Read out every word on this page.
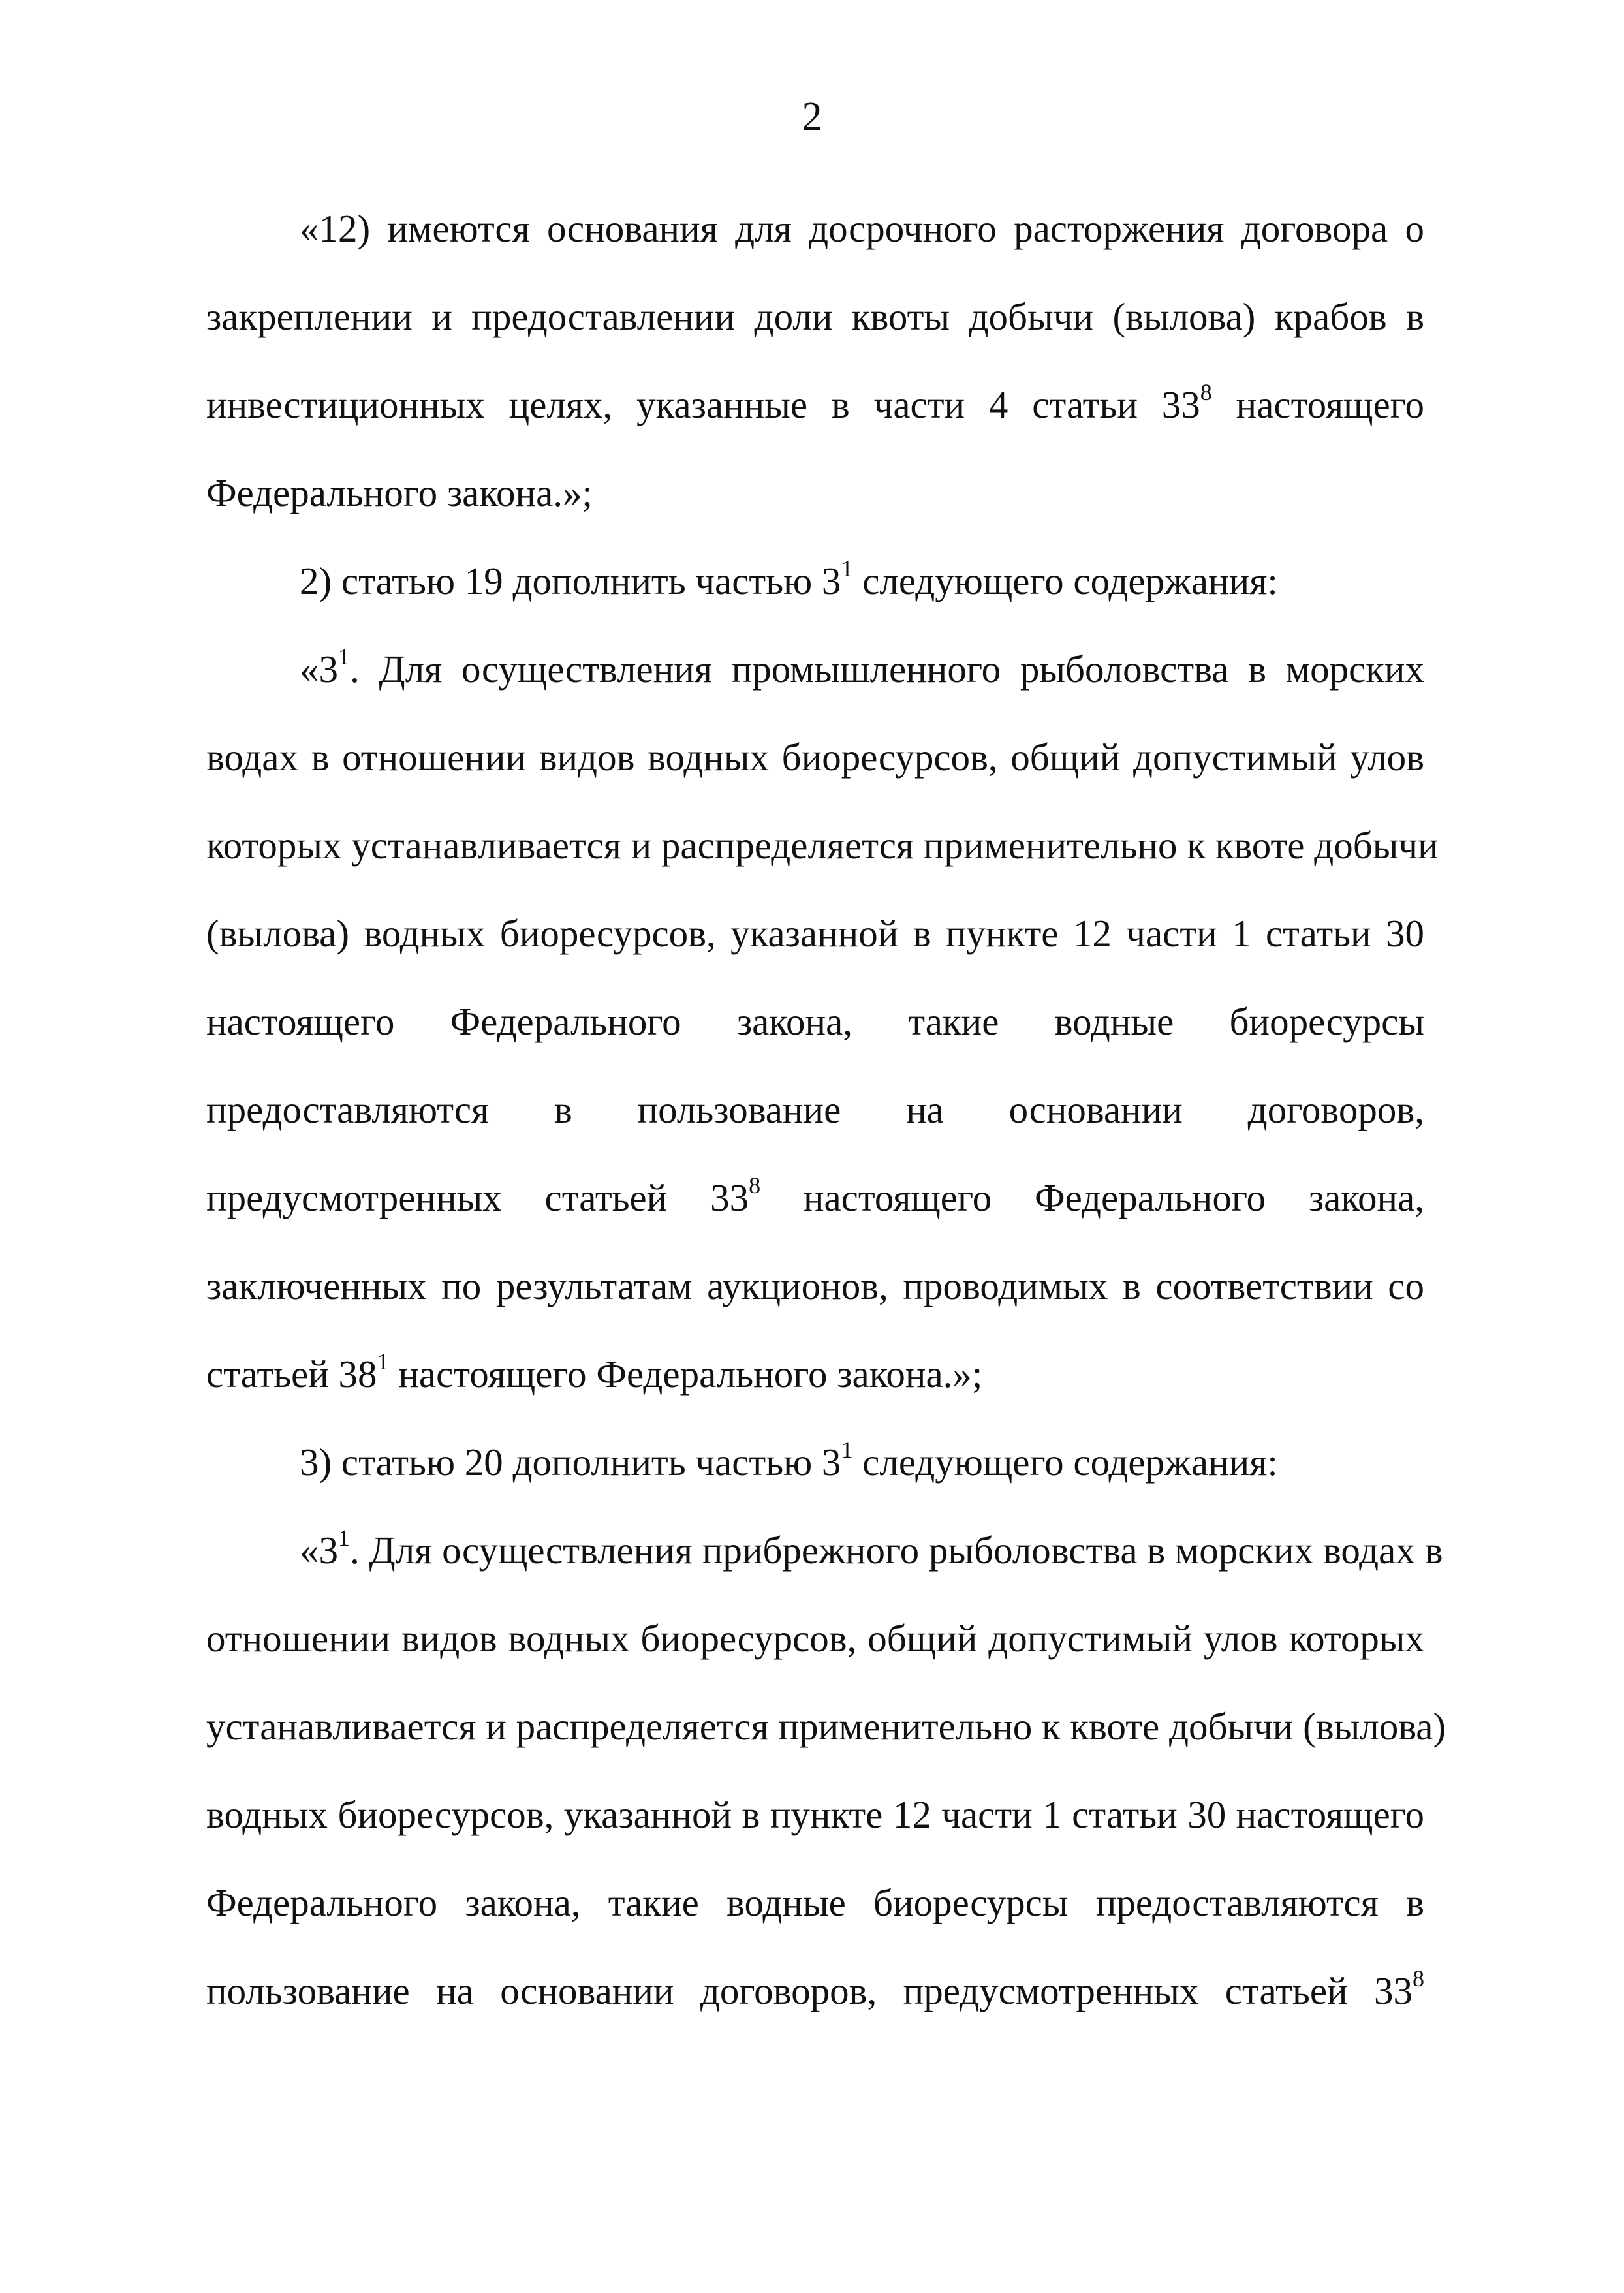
2
«12) имеются основания для досрочного расторжения договора о
закреплении и предоставлении доли квоты добычи (вылова) крабов в
инвестиционных целях, указанные в части 4 статьи $33^8$ настоящего
Федерального закона.»;
2) статью 19 дополнить частью $3^1$ следующего содержания:
«$3^1$. Для осуществления промышленного рыболовства в морских
водах в отношении видов водных биоресурсов, общий допустимый улов
которых устанавливается и распределяется применительно к квоте добычи
(вылова) водных биоресурсов, указанной в пункте 12 части 1 статьи 30
настоящего Федерального закона, такие водные биоресурсы
предоставляются в пользование на основании договоров,
предусмотренных статьей $33^8$ настоящего Федерального закона,
заключенных по результатам аукционов, проводимых в соответствии со
статьей $38^1$ настоящего Федерального закона.»;
3) статью 20 дополнить частью $3^1$ следующего содержания:
«$3^1$. Для осуществления прибрежного рыболовства в морских водах в
отношении видов водных биоресурсов, общий допустимый улов которых
устанавливается и распределяется применительно к квоте добычи (вылова)
водных биоресурсов, указанной в пункте 12 части 1 статьи 30 настоящего
Федерального закона, такие водные биоресурсы предоставляются в
пользование на основании договоров, предусмотренных статьей $33^8$
